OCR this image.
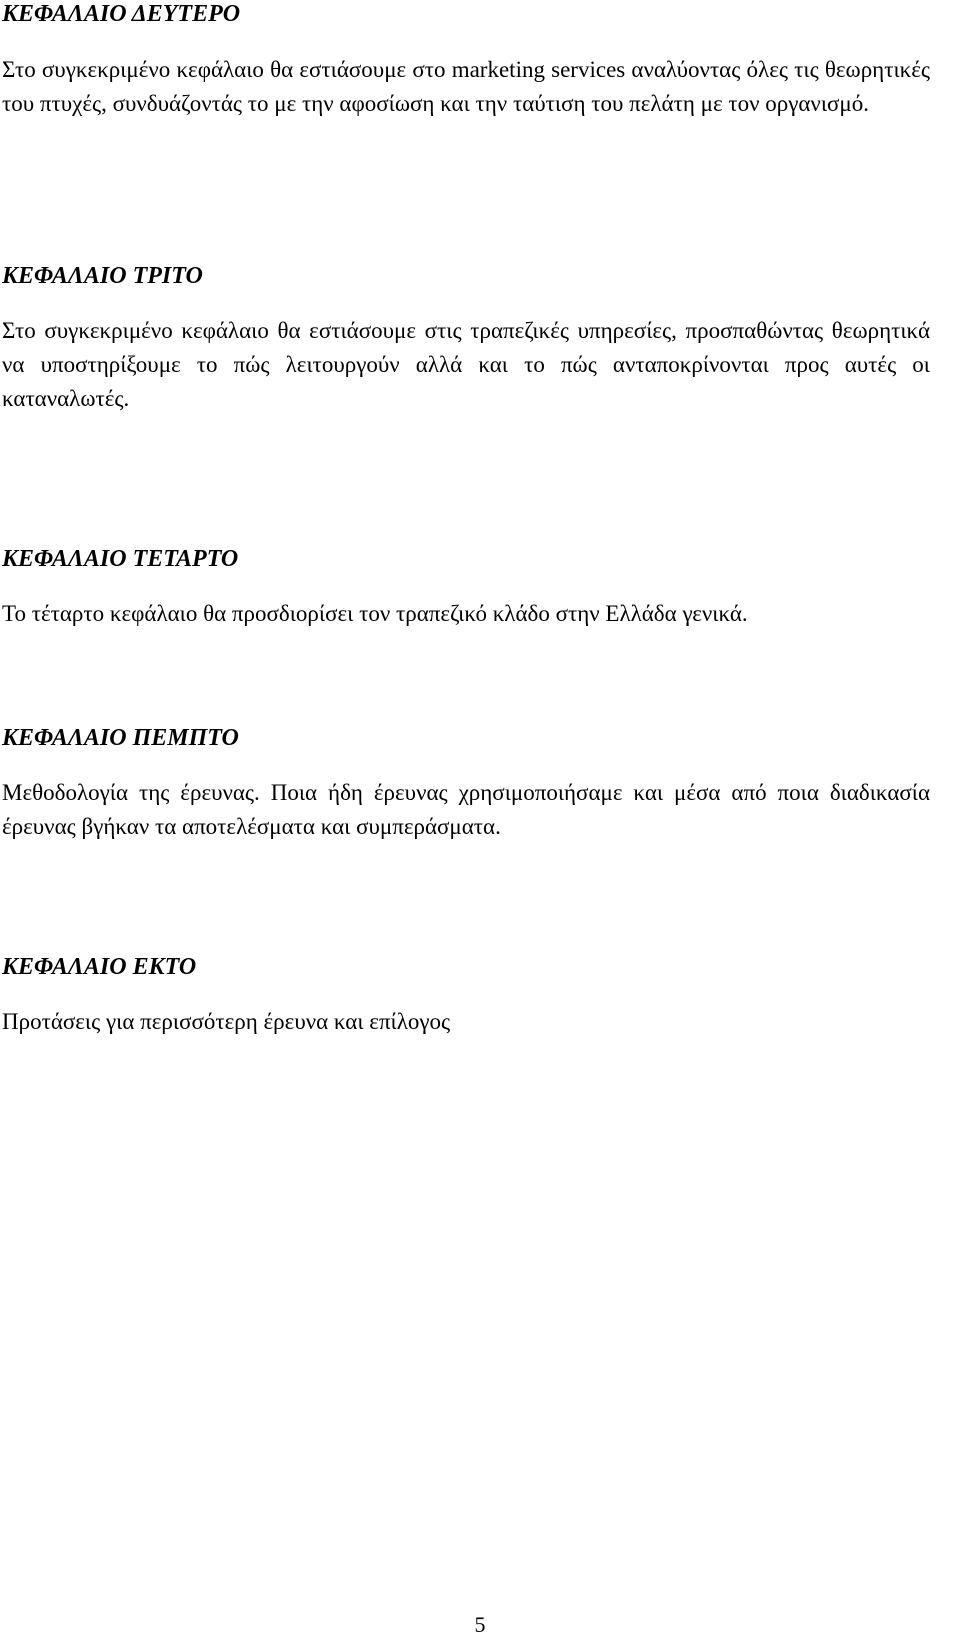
ΚΕΦΑΛΑΙΟ ΔΕΥΤΕΡΟ

Στο συγκεκριμένο κεφάλαιο θα εστιάσουμε στο marketing services αναλύοντας όλες τις θεωρητικές του πτυχές, συνδυάζοντάς το με την αφοσίωση και την ταύτιση του πελάτη με τον οργανισμό.

ΚΕΦΑΛΑΙΟ ΤΡΙΤΟ

Στο συγκεκριμένο κεφάλαιο θα εστιάσουμε στις τραπεζικές υπηρεσίες, προσπαθώντας θεωρητικά να υποστηρίξουμε το πώς λειτουργούν αλλά και το πώς ανταποκρίνονται προς αυτές οι καταναλωτές.

ΚΕΦΑΛΑΙΟ ΤΕΤΑΡΤΟ

Το τέταρτο κεφάλαιο θα προσδιορίσει τον τραπεζικό κλάδο στην Ελλάδα γενικά.

ΚΕΦΑΛΑΙΟ ΠΕΜΠΤΟ

Μεθοδολογία της έρευνας. Ποια ήδη έρευνας χρησιμοποιήσαμε και μέσα από ποια διαδικασία έρευνας βγήκαν τα αποτελέσματα και συμπεράσματα.

ΚΕΦΑΛΑΙΟ ΕΚΤΟ

Προτάσεις για περισσότερη έρευνα και επίλογος

5
